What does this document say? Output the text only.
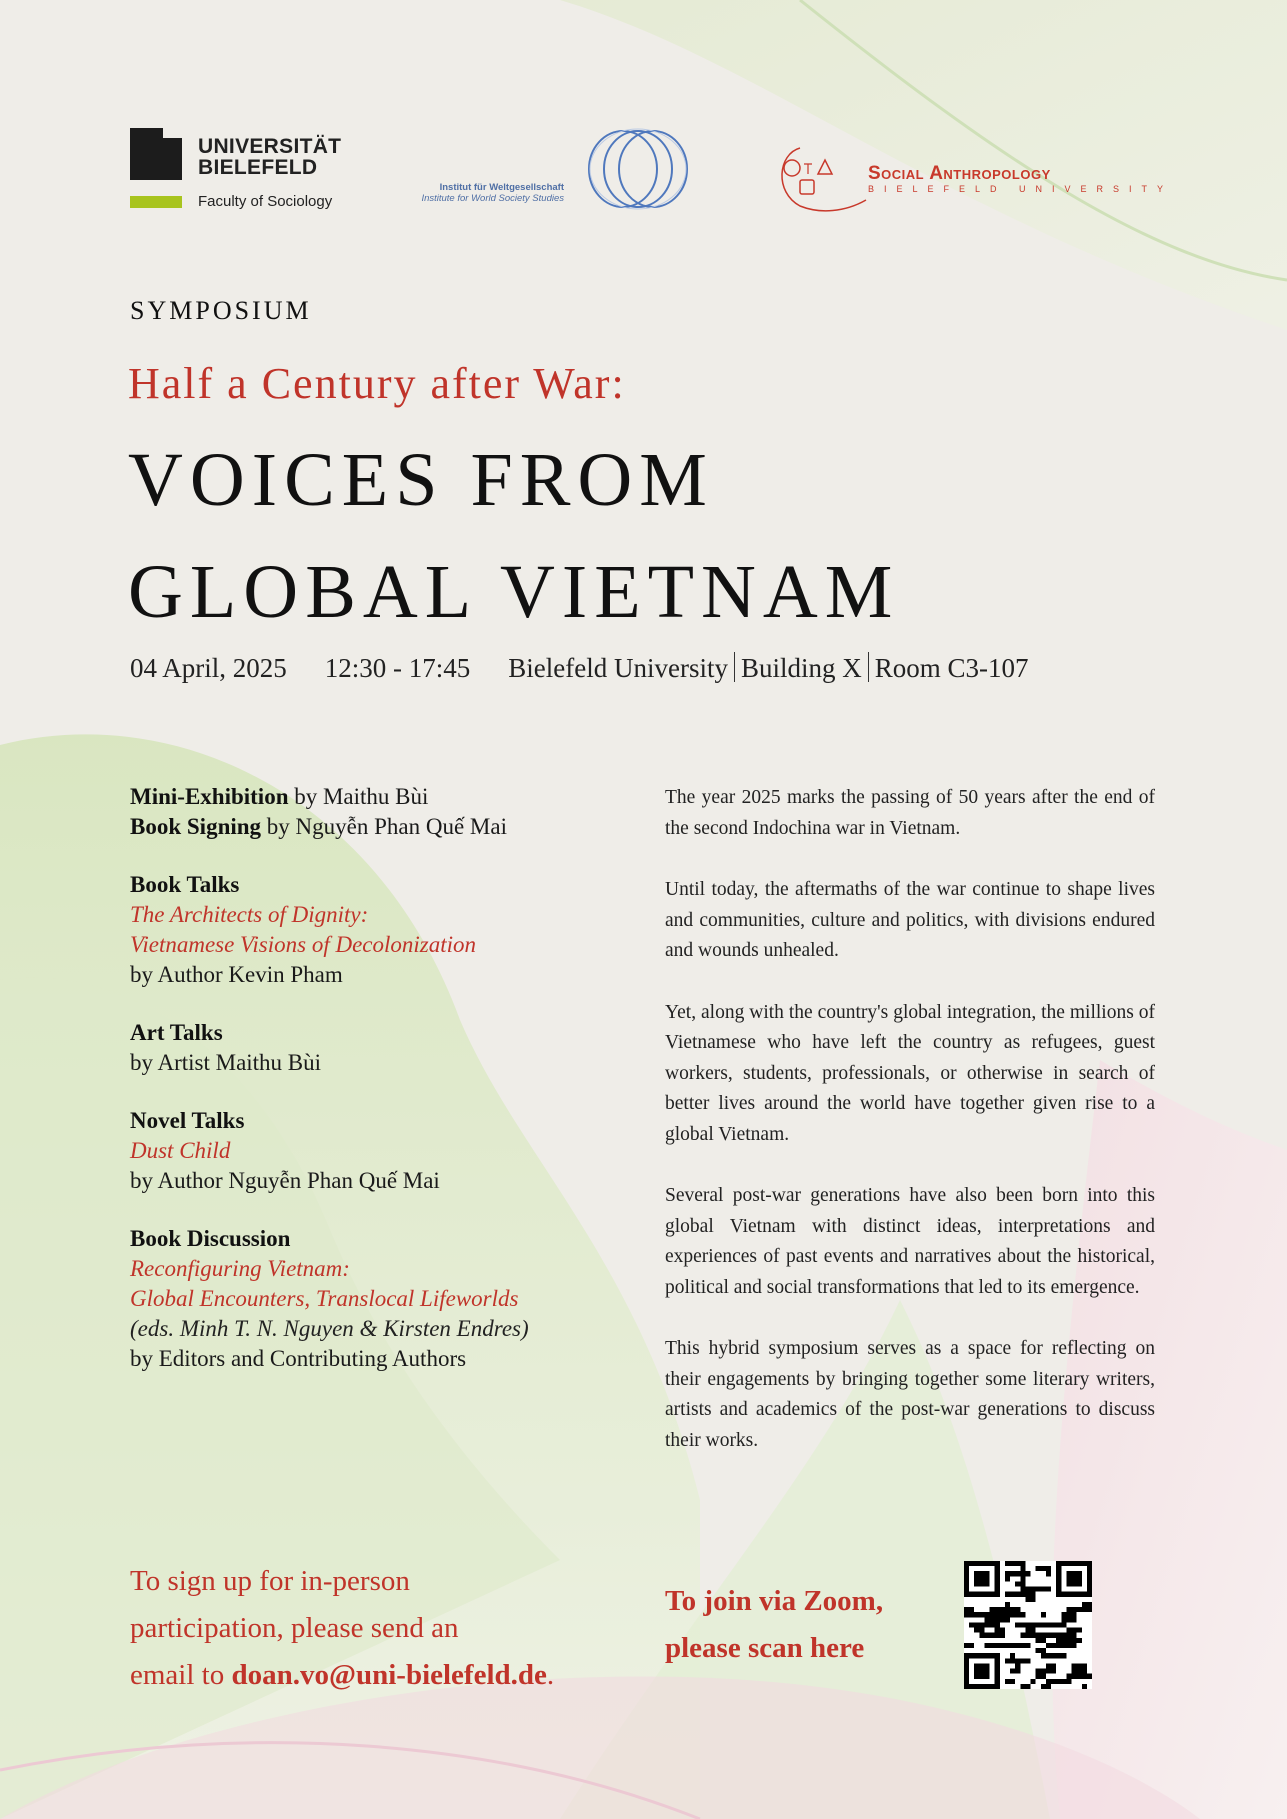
UNIVERSITÄT
BIELEFELD
Faculty of Sociology
Institut für Weltgesellschaft
Institute for World Society Studies
Social Anthropology
BIELEFELD UNIVERSITY
SYMPOSIUM
Half a Century after War:
VOICES FROM
GLOBAL VIETNAM
04 April, 2025 12:30 - 17:45 Bielefeld University Building X Room C3-107
Mini-Exhibition by Maithu Bùi
Book Signing by Nguyễn Phan Quế Mai
Book Talks
The Architects of Dignity:
Vietnamese Visions of Decolonization
by Author Kevin Pham
Art Talks
by Artist Maithu Bùi
Novel Talks
Dust Child
by Author Nguyễn Phan Quế Mai
Book Discussion
Reconfiguring Vietnam:
Global Encounters, Translocal Lifeworlds
(eds. Minh T. N. Nguyen & Kirsten Endres)
by Editors and Contributing Authors

The year 2025 marks the passing of 50 years after the end of the second Indochina war in Vietnam.

Until today, the aftermaths of the war continue to shape lives and communities, culture and politics, with divisions endured and wounds unhealed.

Yet, along with the country's global integration, the millions of Vietnamese who have left the country as refugees, guest workers, students, professionals, or otherwise in search of better lives around the world have together given rise to a global Vietnam.

Several post-war generations have also been born into this global Vietnam with distinct ideas, interpretations and experiences of past events and narratives about the historical, political and social transformations that led to its emergence.

This hybrid symposium serves as a space for reflecting on their engagements by bringing together some literary writers, artists and academics of the post-war generations to discuss their works.

To sign up for in-person
participation, please send an
email to doan.vo@uni-bielefeld.de.
To join via Zoom,
please scan here
